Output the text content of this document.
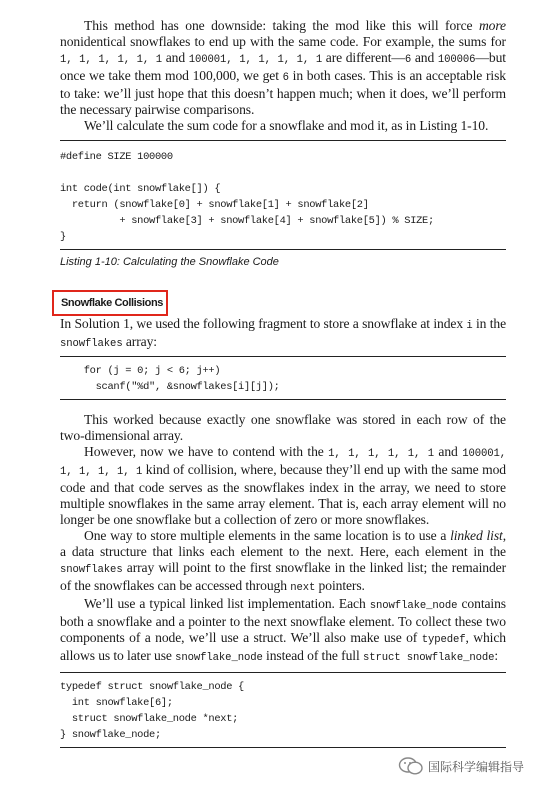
This method has one downside: taking the mod like this will force more nonidentical snowflakes to end up with the same code. For example, the sums for 1, 1, 1, 1, 1, 1 and 100001, 1, 1, 1, 1, 1 are different—6 and 100006—but once we take them mod 100,000, we get 6 in both cases. This is an acceptable risk to take: we’ll just hope that this doesn’t happen much; when it does, we’ll perform the necessary pairwise comparisons.

We’ll calculate the sum code for a snowflake and mod it, as in Listing 1-10.

#define SIZE 100000

int code(int snowflake[]) {
return (snowflake[0] + snowflake[1] + snowflake[2]
+ snowflake[3] + snowflake[4] + snowflake[5]) % SIZE;
}

Listing 1-10: Calculating the Snowflake Code

Snowflake Collisions

In Solution 1, we used the following fragment to store a snowflake at index i in the snowflakes array:

for (j = 0; j < 6; j++)
scanf("%d", &snowflakes[i][j]);

This worked because exactly one snowflake was stored in each row of the two-dimensional array.

However, now we have to contend with the 1, 1, 1, 1, 1, 1 and 100001, 1, 1, 1, 1, 1 kind of collision, where, because they’ll end up with the same mod code and that code serves as the snowflakes index in the array, we need to store multiple snowflakes in the same array element. That is, each array element will no longer be one snowflake but a collection of zero or more snowflakes.

One way to store multiple elements in the same location is to use a linked list, a data structure that links each element to the next. Here, each element in the snowflakes array will point to the first snowflake in the linked list; the remainder of the snowflakes can be accessed through next pointers.

We’ll use a typical linked list implementation. Each snowflake_node contains both a snowflake and a pointer to the next snowflake element. To collect these two components of a node, we’ll use a struct. We’ll also make use of typedef, which allows us to later use snowflake_node instead of the full struct snowflake_node:

typedef struct snowflake_node {
int snowflake[6];
struct snowflake_node *next;
} snowflake_node;
国际科学编辑指导
